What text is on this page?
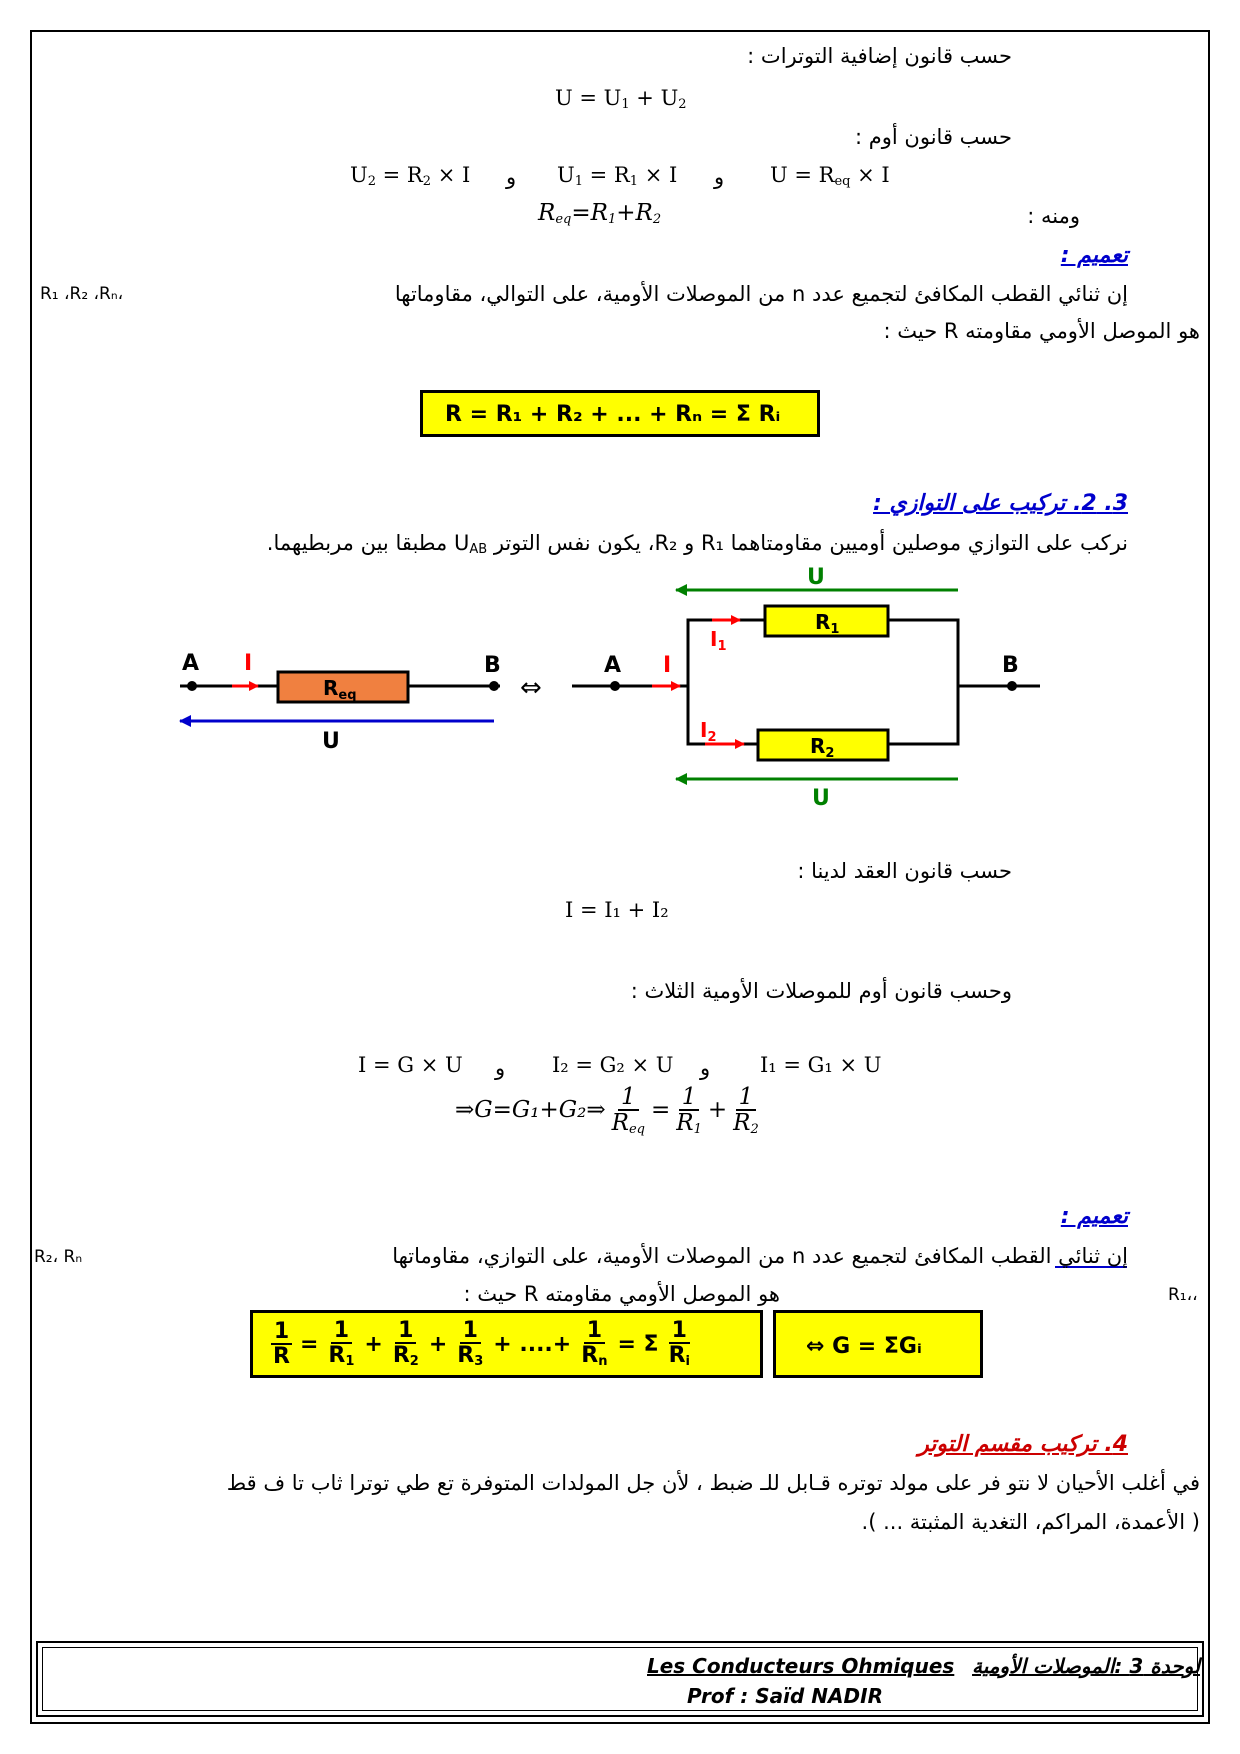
حسب قانون إضافية التوترات :
$U = U_1 + U_2$
حسب قانون أوم :
$U = R_{eq} \times I$
و
$U_1 = R_1 \times I$
و
$U_2 = R_2 \times I$
$R_{eq}=R_1+R_2$	ومنه :
تعميم :
إن ثنائي القطب المكافئ لتجميع عدد n من الموصلات الأومية، على التوالي، مقاوماتها
،R₁ ،R₂ ،Rₙ
هو الموصل الأومي مقاومته R حيث :
R = R₁ + R₂ + ... + Rₙ = Σ Rᵢ
3. 2. تركيب على التوازي :
نركب على التوازي موصلين أوميين مقاومتاهما R₁ و R₂، يكون نفس التوتر $U_{AB}$ مطبقا بين مربطيهما.
$R_{eq}$
A	B
I
U
⇔
A I	B
$I_1$
$I_2$
$R_1$
$R_2$
U
U
حسب قانون العقد لدينا :
I = I₁ + I₂
وحسب قانون أوم للموصلات الأومية الثلاث :
I₁ = G₁ × U
و
I₂ = G₂ × U
و
I = G × U
⇒G=G₁+G₂⇒ $\frac{1}{R_{eq}} = \frac{1}{R_1} + \frac{1}{R_2}$
تعميم :
إن ثنائي القطب المكافئ لتجميع عدد n من الموصلات الأومية، على التوازي، مقاوماتها
R₂، Rₙ
هو الموصل الأومي مقاومته R حيث :	R₁،،
$\frac{1}{R} = \frac{1}{R_1} + \frac{1}{R_2} + \frac{1}{R_3}$ + ....+ $\frac{1}{R_n} = \Sigma \frac{1}{R_i}$	⇔ G = ΣGᵢ
4. تركيب مقسم التوتر
في أغلب الأحيان لا نتو فر على مولد توتره قـابل للـ ضبط ، لأن جل المولدات المتوفرة تع طي توترا ثاب تا ف قط
( الأعمدة، المراكم، التغدية المثبتة ... ).
لوحدة 3 :الموصلات الأومية
Les Conducteurs Ohmiques
Prof : Saïd NADIR
